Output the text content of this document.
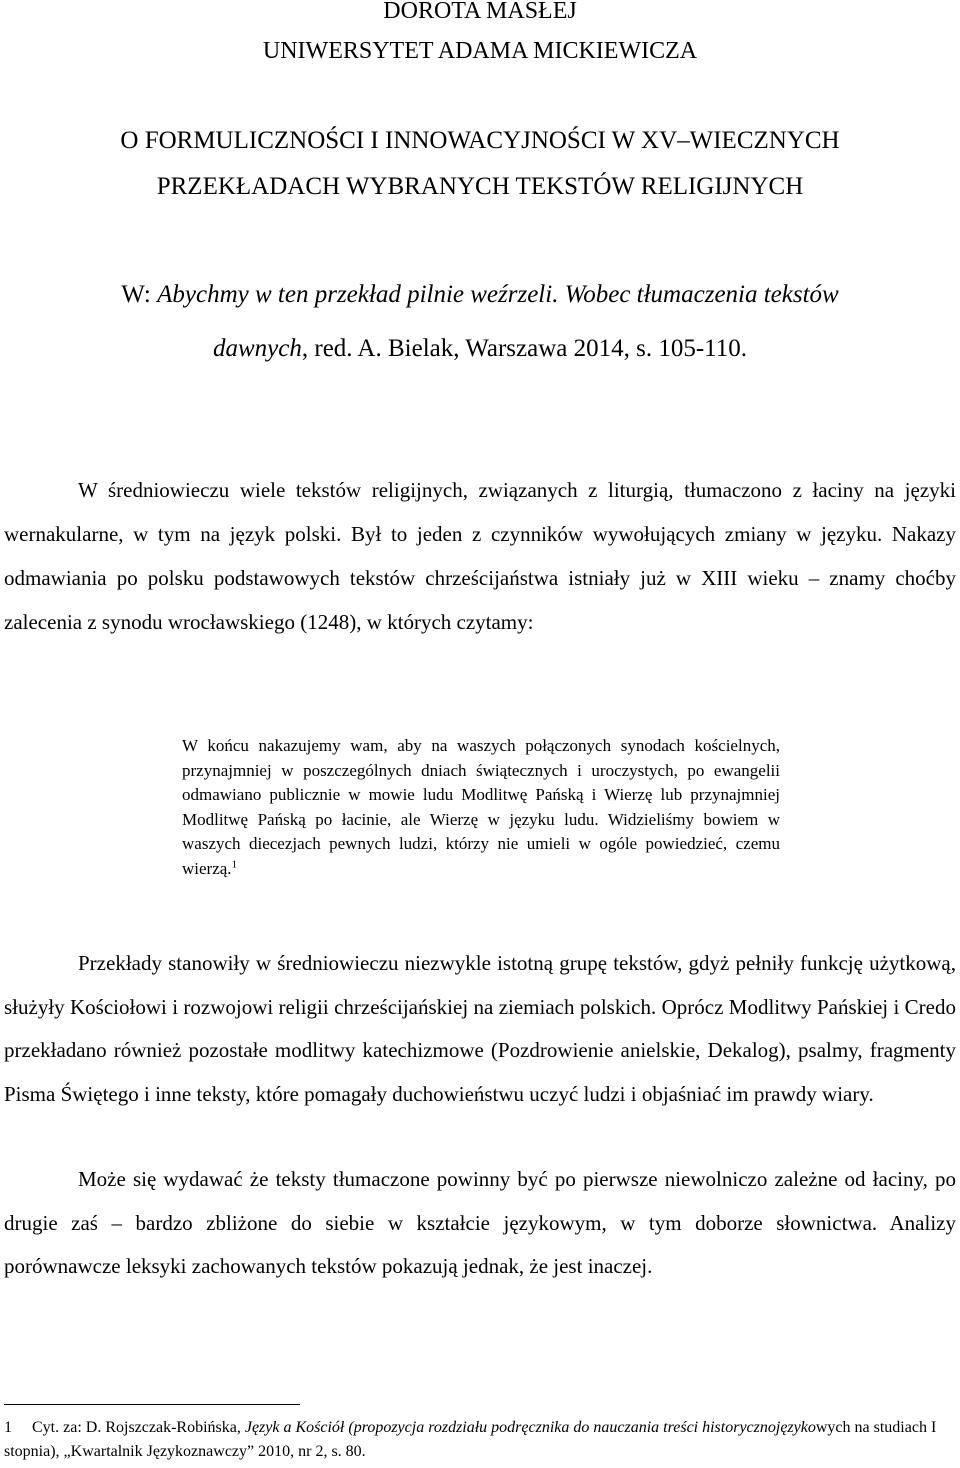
DOROTA MASŁEJ
UNIWERSYTET ADAMA MICKIEWICZA
O FORMULICZNOŚCI I INNOWACYJNOŚCI W XV–WIECZNYCH
PRZEKŁADACH WYBRANYCH TEKSTÓW RELIGIJNYCH
W: Abychmy w ten przekład pilnie weźrzeli. Wobec tłumaczenia tekstów
dawnych, red. A. Bielak, Warszawa 2014, s. 105-110.

W średniowieczu wiele tekstów religijnych, związanych z liturgią, tłumaczono z łaciny na języki wernakularne, w tym na język polski. Był to jeden z czynników wywołujących zmiany w języku. Nakazy odmawiania po polsku podstawowych tekstów chrześcijaństwa istniały już w XIII wieku – znamy choćby zalecenia z synodu wrocławskiego (1248), w których czytamy:

W końcu nakazujemy wam, aby na waszych połączonych synodach kościelnych, przynajmniej w poszczególnych dniach świątecznych i uroczystych, po ewangelii odmawiano publicznie w mowie ludu Modlitwę Pańską i Wierzę lub przynajmniej Modlitwę Pańską po łacinie, ale Wierzę w języku ludu. Widzieliśmy bowiem w waszych diecezjach pewnych ludzi, którzy nie umieli w ogóle powiedzieć, czemu wierzą.$^1$

Przekłady stanowiły w średniowieczu niezwykle istotną grupę tekstów, gdyż pełniły funkcję użytkową, służyły Kościołowi i rozwojowi religii chrześcijańskiej na ziemiach polskich. Oprócz Modlitwy Pańskiej i Credo przekładano również pozostałe modlitwy katechizmowe (Pozdrowienie anielskie, Dekalog), psalmy, fragmenty Pisma Świętego i inne teksty, które pomagały duchowieństwu uczyć ludzi i objaśniać im prawdy wiary.

Może się wydawać że teksty tłumaczone powinny być po pierwsze niewolniczo zależne od łaciny, po drugie zaś – bardzo zbliżone do siebie w kształcie językowym, w tym doborze słownictwa. Analizy porównawcze leksyki zachowanych tekstów pokazują jednak, że jest inaczej.

1 Cyt. za: D. Rojszczak-Robińska, Język a Kościół (propozycja rozdziału podręcznika do nauczania treści historycznojęzykowych na studiach I stopnia), „Kwartalnik Językoznawczy” 2010, nr 2, s. 80.
